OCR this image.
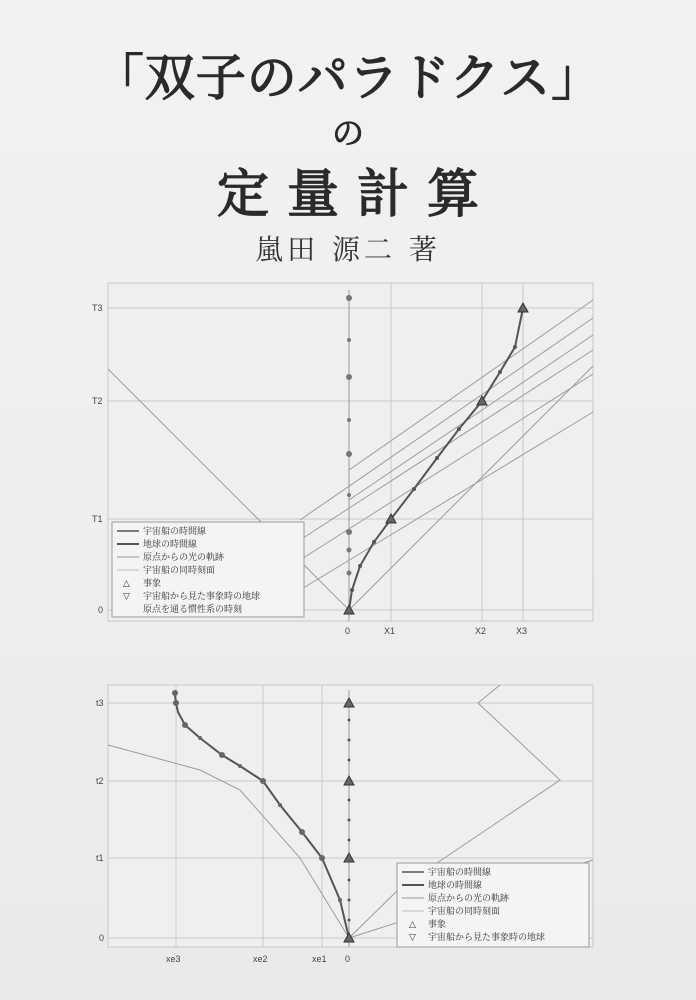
「双子のパラドクス」
の
定量計算
嵐田 源二 著
T3
T2
T1
0
0	X1	X2	X3
宇宙船の時間線
地球の時間線
原点からの光の軌跡
宇宙船の同時刻面
△ 事象
▽ 宇宙船から見た事象時の地球
原点を通る慣性系の時刻
t3
t2
t1
0
xe3	xe2	xe1 0
宇宙船の時間線
地球の時間線
原点からの光の軌跡
宇宙船の同時刻面
△ 事象
▽ 宇宙船から見た事象時の地球
